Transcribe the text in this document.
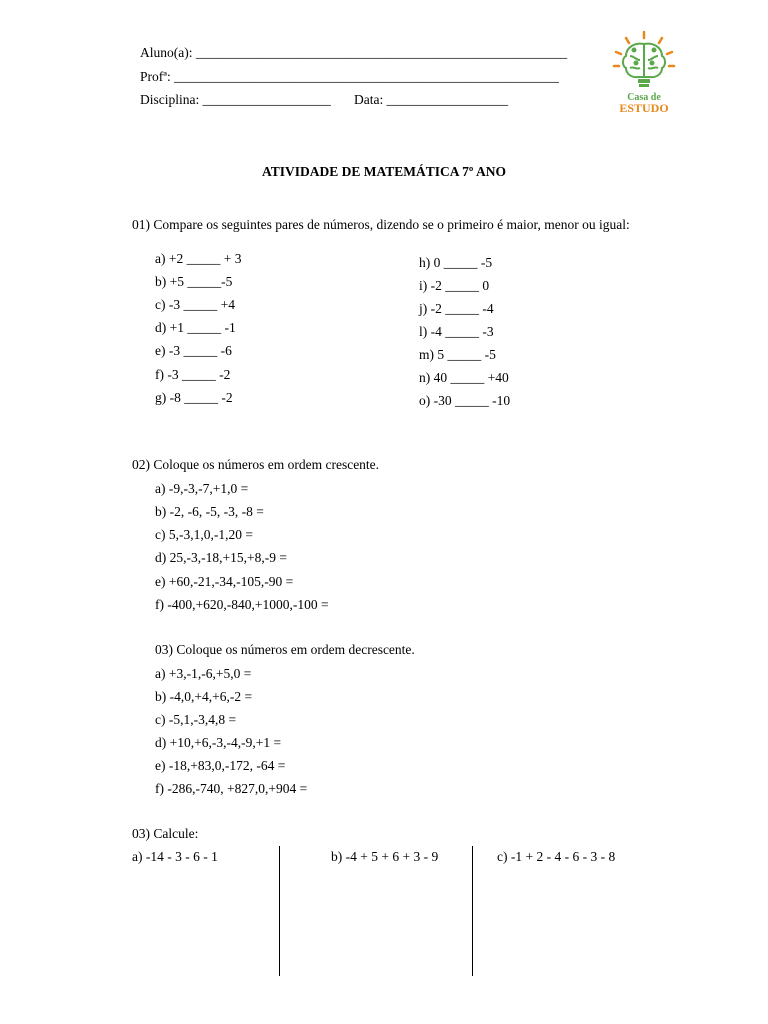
Aluno(a): _______________________________________________________
Profª: _________________________________________________________
Disciplina: ___________________ Data: __________________	Casa de
ESTUDO
ATIVIDADE DE MATEMÁTICA 7º ANO
01) Compare os seguintes pares de números, dizendo se o primeiro é maior, menor ou igual:
a) +2 _____ + 3
b) +5 _____-5
c) -3 _____ +4
d) +1 _____ -1
e) -3 _____ -6
f) -3 _____ -2
g) -8 _____ -2
h) 0 _____ -5
i) -2 _____ 0
j) -2 _____ -4
l) -4 _____ -3
m) 5 _____ -5
n) 40 _____ +40
o) -30 _____ -10
02) Coloque os números em ordem crescente.
a) -9,-3,-7,+1,0 =
b) -2, -6, -5, -3, -8 =
c) 5,-3,1,0,-1,20 =
d) 25,-3,-18,+15,+8,-9 =
e) +60,-21,-34,-105,-90 =
f) -400,+620,-840,+1000,-100 =
03) Coloque os números em ordem decrescente.
a) +3,-1,-6,+5,0 =
b) -4,0,+4,+6,-2 =
c) -5,1,-3,4,8 =
d) +10,+6,-3,-4,-9,+1 =
e) -18,+83,0,-172, -64 =
f) -286,-740, +827,0,+904 =
03) Calcule:
a) -14 - 3 - 6 - 1	b) -4 + 5 + 6 + 3 - 9	c) -1 + 2 - 4 - 6 - 3 - 8
